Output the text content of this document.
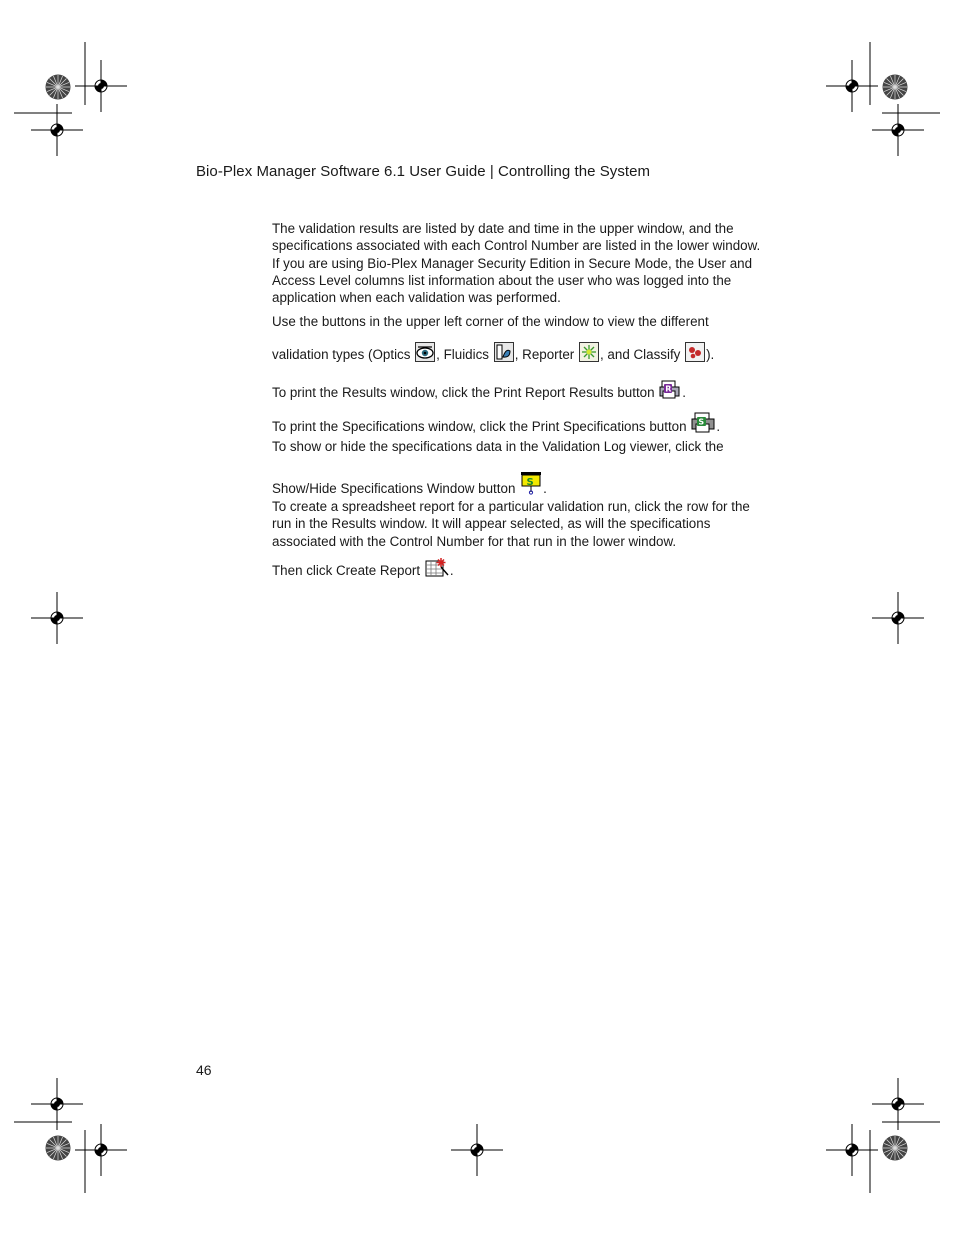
Bio-Plex Manager Software 6.1 User Guide | Controlling the System

The validation results are listed by date and time in the upper window, and the specifications associated with each Control Number are listed in the lower window. If you are using Bio-Plex Manager Security Edition in Secure Mode, the User and Access Level columns list information about the user who was logged into the application when each validation was performed.

Use the buttons in the upper left corner of the window to view the different
validation types (Optics , Fluidics , Reporter , and Classify ).
To print the Results window, click the Print Report Results button R .
To print the Specifications window, click the Print Specifications button S .
To show or hide the specifications data in the Validation Log viewer, click the
Show/Hide Specifications Window button S .

To create a spreadsheet report for a particular validation run, click the row for the run in the Results window. It will appear selected, as will the specifications associated with the Control Number for that run in the lower window.

Then click Create Report .
46
